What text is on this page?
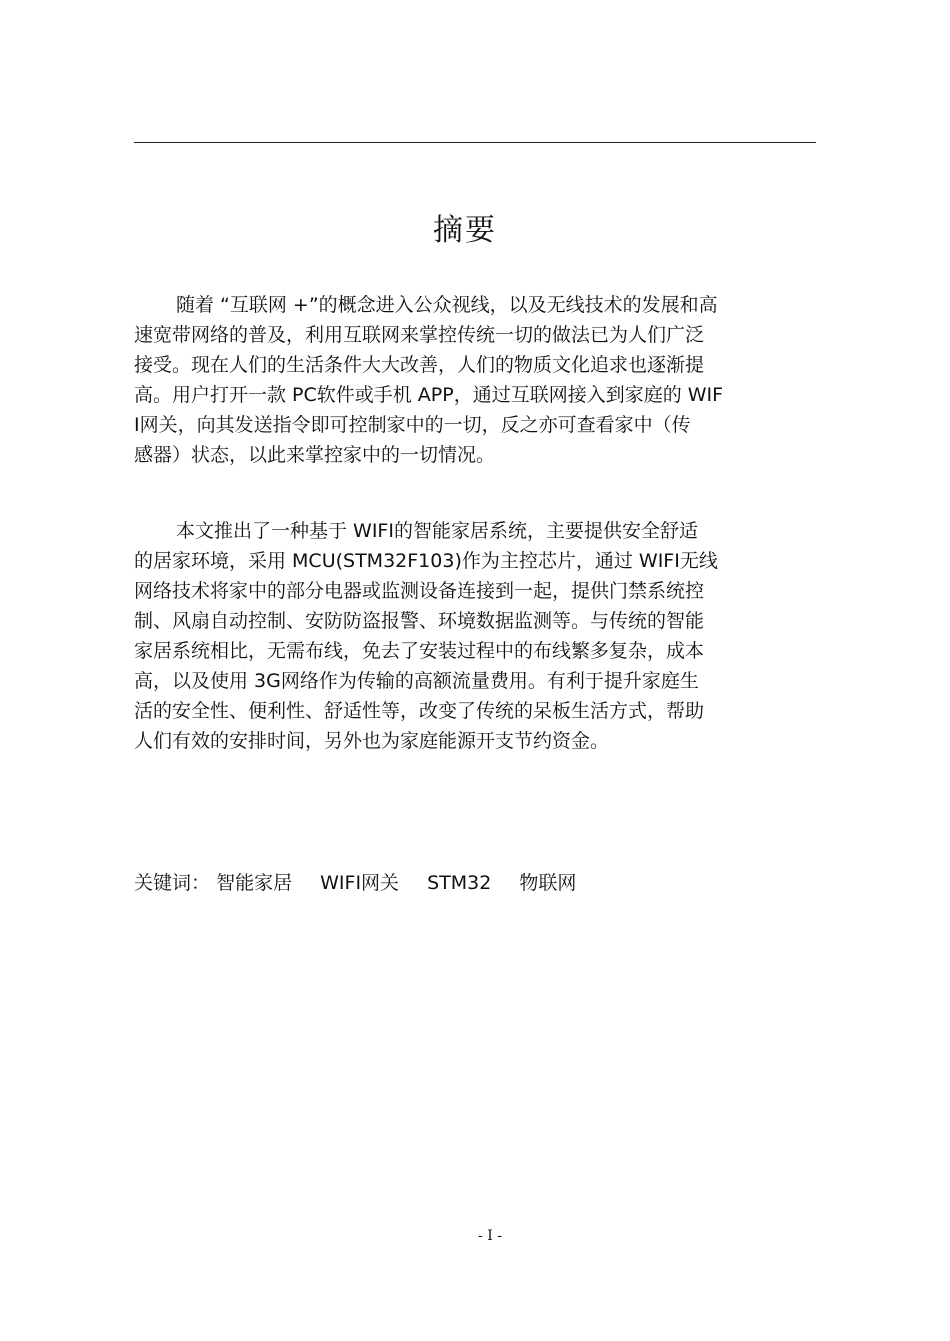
摘要
随着 “互联网 +”的概念进入公众视线，以及无线技术的发展和高
速宽带网络的普及，利用互联网来掌控传统一切的做法已为人们广泛
接受。现在人们的生活条件大大改善，人们的物质文化追求也逐渐提
高。用户打开一款 PC软件或手机 APP，通过互联网接入到家庭的 WIF
I网关，向其发送指令即可控制家中的一切，反之亦可查看家中（传
感器）状态，以此来掌控家中的一切情况。
本文推出了一种基于 WIFI的智能家居系统，主要提供安全舒适
的居家环境，采用 MCU(STM32F103)作为主控芯片，通过 WIFI无线
网络技术将家中的部分电器或监测设备连接到一起，提供门禁系统控
制、风扇自动控制、安防防盗报警、环境数据监测等。与传统的智能
家居系统相比，无需布线，免去了安装过程中的布线繁多复杂，成本
高，以及使用 3G网络作为传输的高额流量费用。有利于提升家庭生
活的安全性、便利性、舒适性等，改变了传统的呆板生活方式，帮助
人们有效的安排时间，另外也为家庭能源开支节约资金。
关键词： 智能家居 WIFI网关 STM32 物联网
- I -
